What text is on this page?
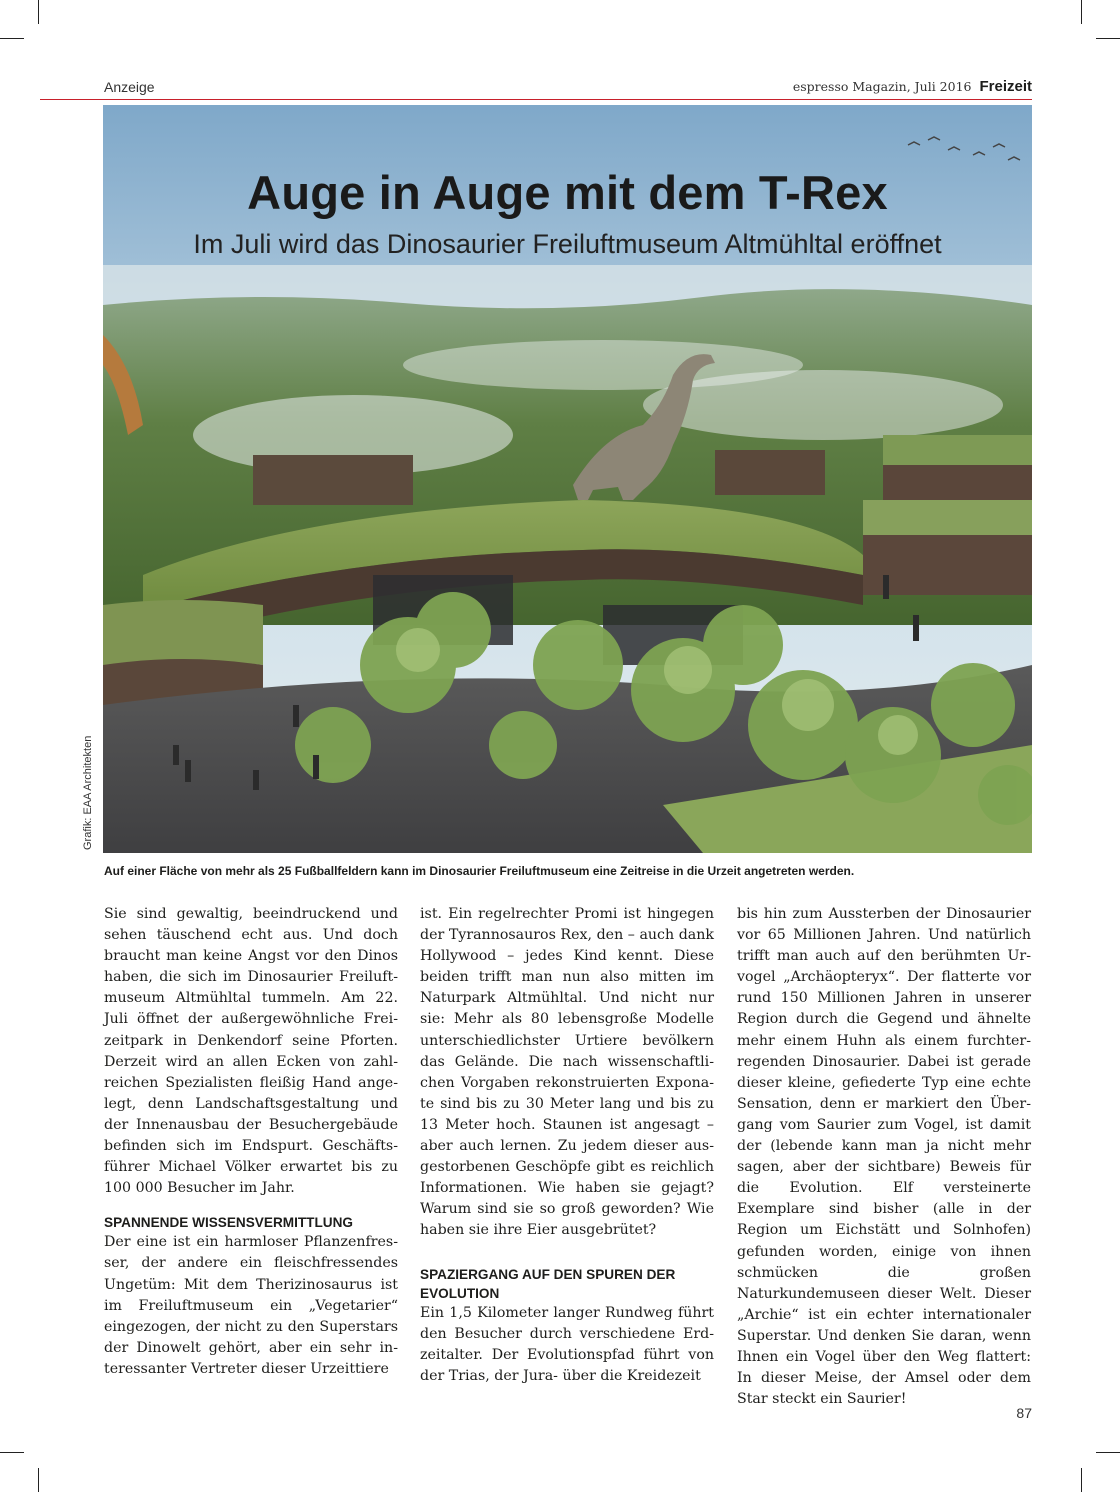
Anzeige	espresso Magazin, Juli 2016 Freizeit
Auge in Auge mit dem T-Rex
Im Juli wird das Dinosaurier Freiluftmuseum Altmühltal eröffnet
Grafik: EAA Architekten
Auf einer Fläche von mehr als 25 Fußballfeldern kann im Dinosaurier Freiluftmuseum eine Zeitreise in die Urzeit angetreten werden.

Sie sind gewaltig, beeindruckend und sehen täuschend echt aus. Und doch braucht man keine Angst vor den Dinos haben, die sich im Dinosaurier Freiluftmuseum Altmühltal tummeln. Am 22. Juli öffnet der außergewöhnliche Freizeitpark in Denkendorf seine Pforten. Derzeit wird an allen Ecken von zahlreichen Spezialisten fleißig Hand angelegt, denn Landschaftsgestaltung und der Innenausbau der Besuchergebäude befinden sich im Endspurt. Geschäftsführer Michael Völker erwartet bis zu 100 000 Besucher im Jahr.

SPANNENDE WISSENSVERMITTLUNG

Der eine ist ein harmloser Pflanzenfresser, der andere ein fleischfressendes Ungetüm: Mit dem Therizinosaurus ist im Freiluftmuseum ein „Vegetarier“ eingezogen, der nicht zu den Superstars der Dinowelt gehört, aber ein sehr interessanter Vertreter dieser Urzeittiere

ist. Ein regelrechter Promi ist hingegen der Tyrannosauros Rex, den – auch dank Hollywood – jedes Kind kennt. Diese beiden trifft man nun also mitten im Naturpark Altmühltal. Und nicht nur sie: Mehr als 80 lebensgroße Modelle unterschiedlichster Urtiere bevölkern das Gelände. Die nach wissenschaftlichen Vorgaben rekonstruierten Exponate sind bis zu 30 Meter lang und bis zu 13 Meter hoch. Staunen ist angesagt – aber auch lernen. Zu jedem dieser ausgestorbenen Geschöpfe gibt es reichlich Informationen. Wie haben sie gejagt? Warum sind sie so groß geworden? Wie haben sie ihre Eier ausgebrütet?

SPAZIERGANG AUF DEN SPUREN DER EVOLUTION

Ein 1,5 Kilometer langer Rundweg führt den Besucher durch verschiedene Erdzeitalter. Der Evolutionspfad führt von der Trias, der Jura- über die Kreidezeit

bis hin zum Aussterben der Dinosaurier vor 65 Millionen Jahren. Und natürlich trifft man auch auf den berühmten Urvogel „Archäopteryx“. Der flatterte vor rund 150 Millionen Jahren in unserer Region durch die Gegend und ähnelte mehr einem Huhn als einem furchterregenden Dinosaurier. Dabei ist gerade dieser kleine, gefiederte Typ eine echte Sensation, denn er markiert den Übergang vom Saurier zum Vogel, ist damit der (lebende kann man ja nicht mehr sagen, aber der sichtbare) Beweis für die Evolution. Elf versteinerte Exemplare sind bisher (alle in der Region um Eichstätt und Solnhofen) gefunden worden, einige von ihnen schmücken die großen Naturkundemuseen dieser Welt. Dieser „Archie“ ist ein echter internationaler Superstar. Und denken Sie daran, wenn Ihnen ein Vogel über den Weg flattert: In dieser Meise, der Amsel oder dem Star steckt ein Saurier!

87
